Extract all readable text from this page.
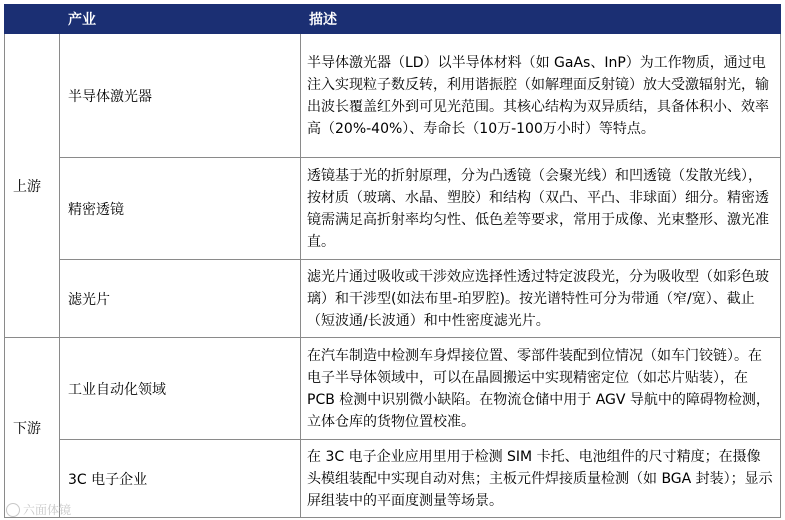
	产业	描述
上游	半导体激光器	半导体激光器（LD）以半导体材料（如 GaAs、InP）为工作物质，通过电注入实现粒子数反转，利用谐振腔（如解理面反射镜）放大受激辐射光，输出波长覆盖红外到可见光范围。其核心结构为双异质结，具备体积小、效率高（20%-40%）、寿命长（10万-100万小时）等特点。
	精密透镜	透镜基于光的折射原理，分为凸透镜（会聚光线）和凹透镜（发散光线），按材质（玻璃、水晶、塑胶）和结构（双凸、平凸、非球面）细分。精密透镜需满足高折射率均匀性、低色差等要求，常用于成像、光束整形、激光准直。
	滤光片	滤光片通过吸收或干涉效应选择性透过特定波段光，分为吸收型（如彩色玻璃）和干涉型(如法布里-珀罗腔)。按光谱特性可分为带通（窄/宽）、截止（短波通/长波通）和中性密度滤光片。
下游	工业自动化领域	在汽车制造中检测车身焊接位置、零部件装配到位情况（如车门铰链）。在电子半导体领域中，可以在晶圆搬运中实现精密定位（如芯片贴装），在 PCB 检测中识别微小缺陷。在物流仓储中用于 AGV 导航中的障碍物检测，立体仓库的货物位置校准。
	3C 电子企业	在 3C 电子企业应用里用于检测 SIM 卡托、电池组件的尺寸精度；在摄像头模组装配中实现自动对焦；主板元件焊接质量检测（如 BGA 封装）；显示屏组装中的平面度测量等场景。
六面体镜
